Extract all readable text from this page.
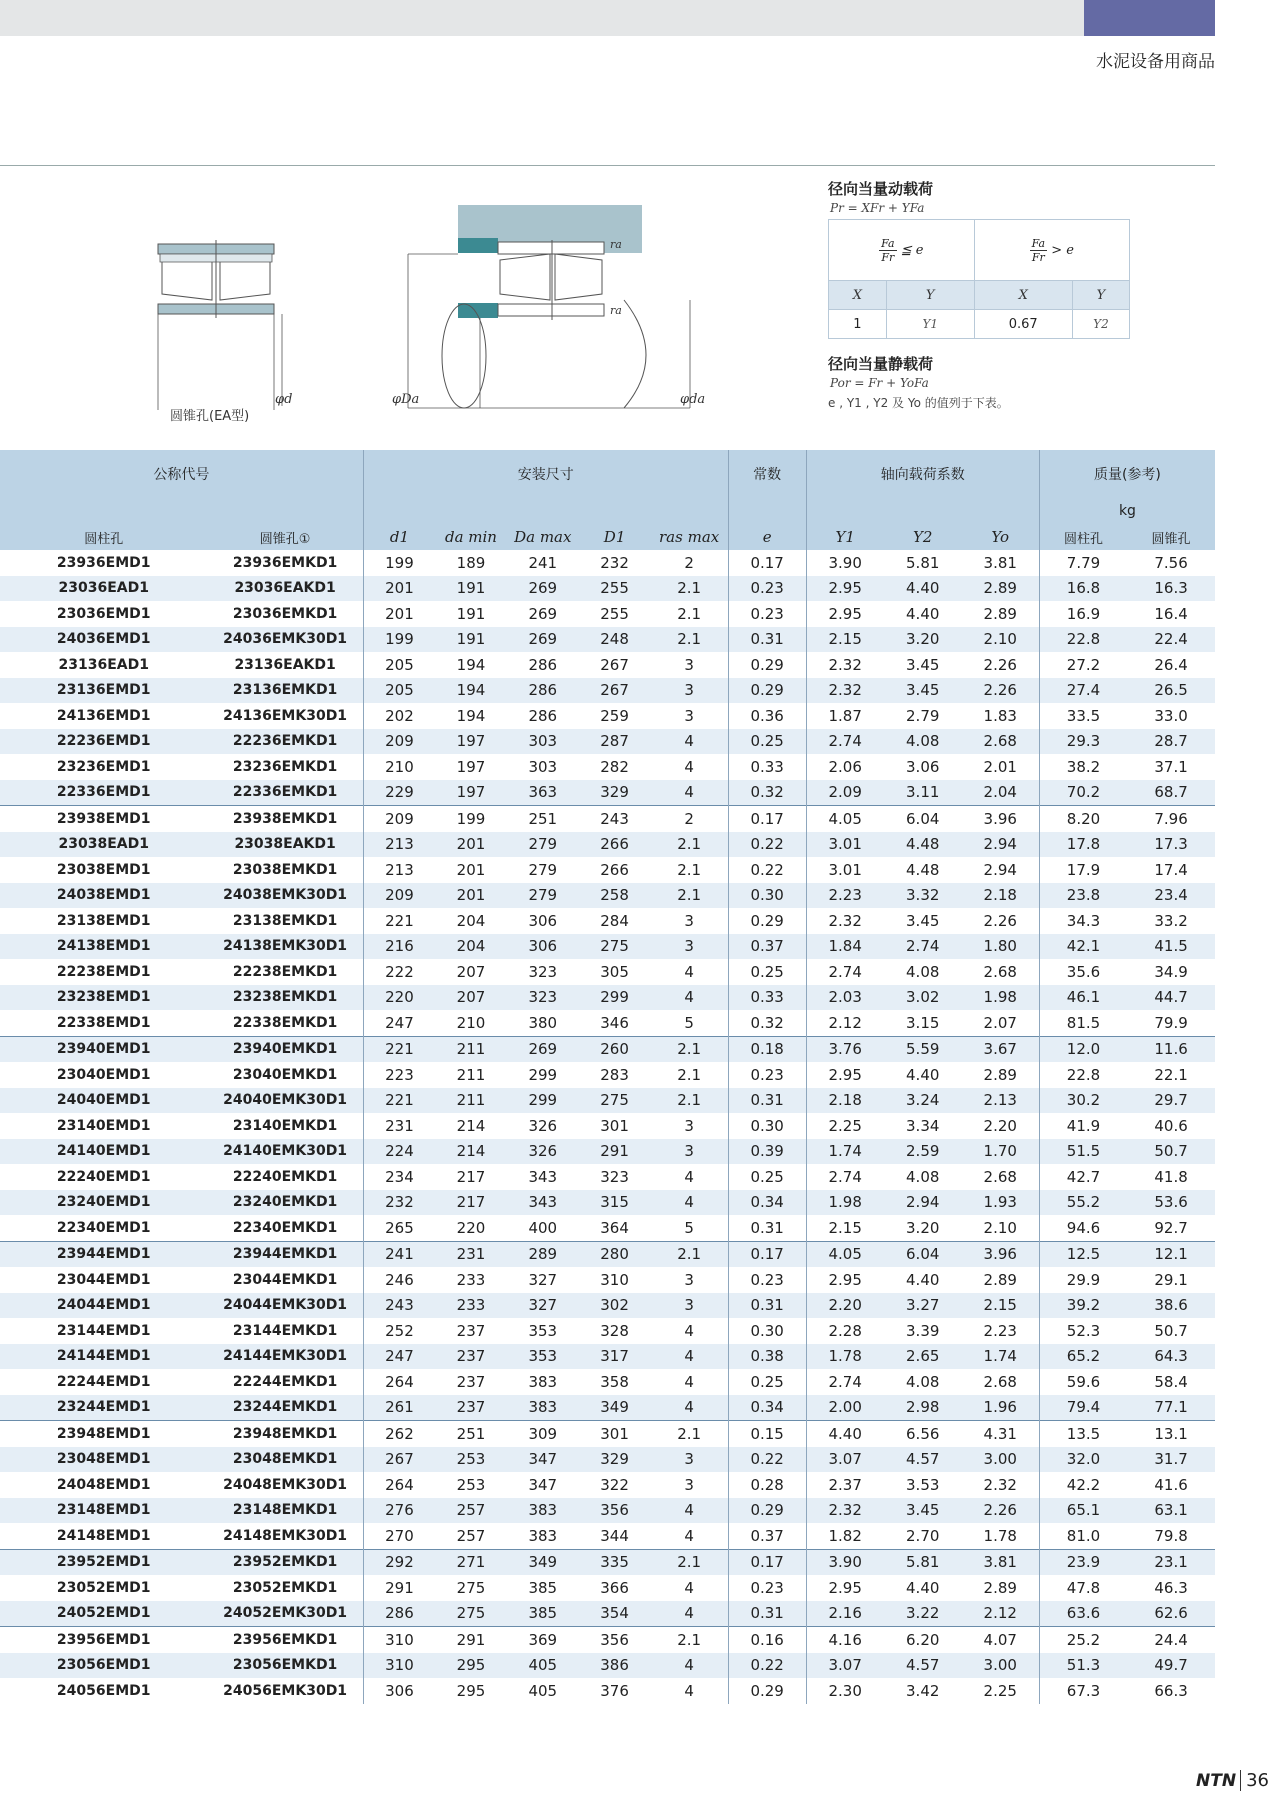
水泥设备用商品
φd	φDa	φda
ra
ra
圆锥孔(EA型)
径向当量动载荷
Pr = XFr + YFa
$\frac{Fa}{Fr}$ ≦ e		$\frac{Fa}{Fr} > e$	
X	Y	X	Y
1	Y1	0.67	Y2
径向当量静载荷
Por = Fr + YoFa
e , Y1 , Y2 及 Yo 的值列于下表。
公称代号		安装尺寸					常数	轴向载荷系数			质量(参考)	
											kg	
圆柱孔	圆锥孔①	d1	da min	Da max	D1	ras max	e	Y1	Y2	Yo	圆柱孔	圆锥孔
23936EMD1	23936EMKD1	199	189	241	232	2	0.17	3.90	5.81	3.81	7.79	7.56
23036EAD1	23036EAKD1	201	191	269	255	2.1	0.23	2.95	4.40	2.89	16.8	16.3
23036EMD1	23036EMKD1	201	191	269	255	2.1	0.23	2.95	4.40	2.89	16.9	16.4
24036EMD1	24036EMK30D1	199	191	269	248	2.1	0.31	2.15	3.20	2.10	22.8	22.4
23136EAD1	23136EAKD1	205	194	286	267	3	0.29	2.32	3.45	2.26	27.2	26.4
23136EMD1	23136EMKD1	205	194	286	267	3	0.29	2.32	3.45	2.26	27.4	26.5
24136EMD1	24136EMK30D1	202	194	286	259	3	0.36	1.87	2.79	1.83	33.5	33.0
22236EMD1	22236EMKD1	209	197	303	287	4	0.25	2.74	4.08	2.68	29.3	28.7
23236EMD1	23236EMKD1	210	197	303	282	4	0.33	2.06	3.06	2.01	38.2	37.1
22336EMD1	22336EMKD1	229	197	363	329	4	0.32	2.09	3.11	2.04	70.2	68.7
23938EMD1	23938EMKD1	209	199	251	243	2	0.17	4.05	6.04	3.96	8.20	7.96
23038EAD1	23038EAKD1	213	201	279	266	2.1	0.22	3.01	4.48	2.94	17.8	17.3
23038EMD1	23038EMKD1	213	201	279	266	2.1	0.22	3.01	4.48	2.94	17.9	17.4
24038EMD1	24038EMK30D1	209	201	279	258	2.1	0.30	2.23	3.32	2.18	23.8	23.4
23138EMD1	23138EMKD1	221	204	306	284	3	0.29	2.32	3.45	2.26	34.3	33.2
24138EMD1	24138EMK30D1	216	204	306	275	3	0.37	1.84	2.74	1.80	42.1	41.5
22238EMD1	22238EMKD1	222	207	323	305	4	0.25	2.74	4.08	2.68	35.6	34.9
23238EMD1	23238EMKD1	220	207	323	299	4	0.33	2.03	3.02	1.98	46.1	44.7
22338EMD1	22338EMKD1	247	210	380	346	5	0.32	2.12	3.15	2.07	81.5	79.9
23940EMD1	23940EMKD1	221	211	269	260	2.1	0.18	3.76	5.59	3.67	12.0	11.6
23040EMD1	23040EMKD1	223	211	299	283	2.1	0.23	2.95	4.40	2.89	22.8	22.1
24040EMD1	24040EMK30D1	221	211	299	275	2.1	0.31	2.18	3.24	2.13	30.2	29.7
23140EMD1	23140EMKD1	231	214	326	301	3	0.30	2.25	3.34	2.20	41.9	40.6
24140EMD1	24140EMK30D1	224	214	326	291	3	0.39	1.74	2.59	1.70	51.5	50.7
22240EMD1	22240EMKD1	234	217	343	323	4	0.25	2.74	4.08	2.68	42.7	41.8
23240EMD1	23240EMKD1	232	217	343	315	4	0.34	1.98	2.94	1.93	55.2	53.6
22340EMD1	22340EMKD1	265	220	400	364	5	0.31	2.15	3.20	2.10	94.6	92.7
23944EMD1	23944EMKD1	241	231	289	280	2.1	0.17	4.05	6.04	3.96	12.5	12.1
23044EMD1	23044EMKD1	246	233	327	310	3	0.23	2.95	4.40	2.89	29.9	29.1
24044EMD1	24044EMK30D1	243	233	327	302	3	0.31	2.20	3.27	2.15	39.2	38.6
23144EMD1	23144EMKD1	252	237	353	328	4	0.30	2.28	3.39	2.23	52.3	50.7
24144EMD1	24144EMK30D1	247	237	353	317	4	0.38	1.78	2.65	1.74	65.2	64.3
22244EMD1	22244EMKD1	264	237	383	358	4	0.25	2.74	4.08	2.68	59.6	58.4
23244EMD1	23244EMKD1	261	237	383	349	4	0.34	2.00	2.98	1.96	79.4	77.1
23948EMD1	23948EMKD1	262	251	309	301	2.1	0.15	4.40	6.56	4.31	13.5	13.1
23048EMD1	23048EMKD1	267	253	347	329	3	0.22	3.07	4.57	3.00	32.0	31.7
24048EMD1	24048EMK30D1	264	253	347	322	3	0.28	2.37	3.53	2.32	42.2	41.6
23148EMD1	23148EMKD1	276	257	383	356	4	0.29	2.32	3.45	2.26	65.1	63.1
24148EMD1	24148EMK30D1	270	257	383	344	4	0.37	1.82	2.70	1.78	81.0	79.8
23952EMD1	23952EMKD1	292	271	349	335	2.1	0.17	3.90	5.81	3.81	23.9	23.1
23052EMD1	23052EMKD1	291	275	385	366	4	0.23	2.95	4.40	2.89	47.8	46.3
24052EMD1	24052EMK30D1	286	275	385	354	4	0.31	2.16	3.22	2.12	63.6	62.6
23956EMD1	23956EMKD1	310	291	369	356	2.1	0.16	4.16	6.20	4.07	25.2	24.4
23056EMD1	23056EMKD1	310	295	405	386	4	0.22	3.07	4.57	3.00	51.3	49.7
24056EMD1	24056EMK30D1	306	295	405	376	4	0.29	2.30	3.42	2.25	67.3	66.3
NTN 36
